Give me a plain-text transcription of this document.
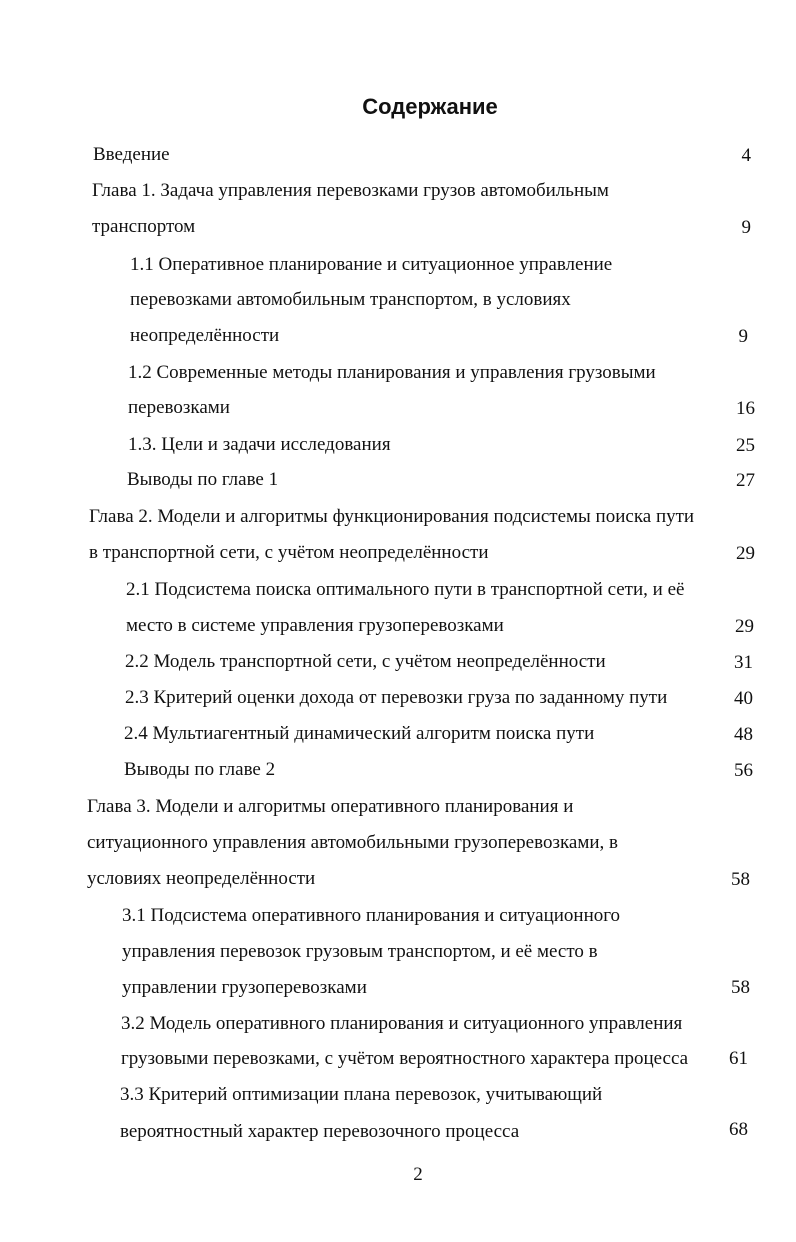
Содержание
Введение	4
Глава 1. Задача управления перевозками грузов автомобильным
транспортом	9
1.1 Оперативное планирование и ситуационное управление
перевозками автомобильным транспортом, в условиях
неопределённости	9
1.2 Современные методы планирования и управления грузовыми
перевозками	16
1.3. Цели и задачи исследования	25
Выводы по главе 1	27
Глава 2. Модели и алгоритмы функционирования подсистемы поиска пути
в транспортной сети, с учётом неопределённости	29
2.1 Подсистема поиска оптимального пути в транспортной сети, и её
место в системе управления грузоперевозками	29
2.2 Модель транспортной сети, с учётом неопределённости	31
2.3 Критерий оценки дохода от перевозки груза по заданному пути	40
2.4 Мультиагентный динамический алгоритм поиска пути	48
Выводы по главе 2	56
Глава 3. Модели и алгоритмы оперативного планирования и
ситуационного управления автомобильными грузоперевозками, в
условиях неопределённости	58
3.1 Подсистема оперативного планирования и ситуационного
управления перевозок грузовым транспортом, и её место в
управлении грузоперевозками	58
3.2 Модель оперативного планирования и ситуационного управления
грузовыми перевозками, с учётом вероятностного характера процесса	61
3.3 Критерий оптимизации плана перевозок, учитывающий
вероятностный характер перевозочного процесса	68
2
